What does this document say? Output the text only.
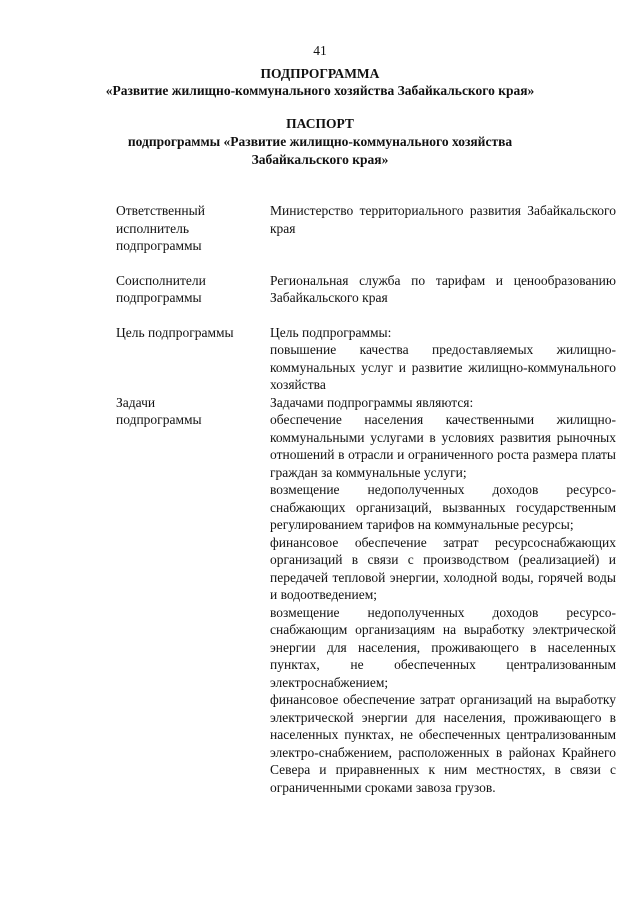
41
ПОДПРОГРАММА
«Развитие жилищно-коммунального хозяйства Забайкальского края»
ПАСПОРТ
подпрограммы «Развитие жилищно-коммунального хозяйства
Забайкальского края»
Ответственный
исполнитель
подпрограммы
Министерство территориального развития Забайкальского края
Соисполнители
подпрограммы
Региональная служба по тарифам и ценообразованию Забайкальского края
Цель подпрограммы	Цель подпрограммы:
повышение качества предоставляемых жилищно-коммунальных услуг и развитие жилищно-коммунального хозяйства
Задачи
подпрограммы
Задачами подпрограммы являются:
обеспечение населения качественными жилищно-коммунальными услугами в условиях развития рыночных отношений в отрасли и ограниченного роста размера платы граждан за коммунальные услуги;
возмещение недополученных доходов ресурсо-снабжающих организаций, вызванных государственным регулированием тарифов на коммунальные ресурсы;
финансовое обеспечение затрат ресурсоснабжающих организаций в связи с производством (реализацией) и передачей тепловой энергии, холодной воды, горячей воды и водоотведением;
возмещение недополученных доходов ресурсо-снабжающим организациям на выработку электрической энергии для населения, проживающего в населенных пунктах, не обеспеченных централизованным электроснабжением;
финансовое обеспечение затрат организаций на выработку электрической энергии для населения, проживающего в населенных пунктах, не обеспеченных централизованным электро-снабжением, расположенных в районах Крайнего Севера и приравненных к ним местностях, в связи с ограниченными сроками завоза грузов.
